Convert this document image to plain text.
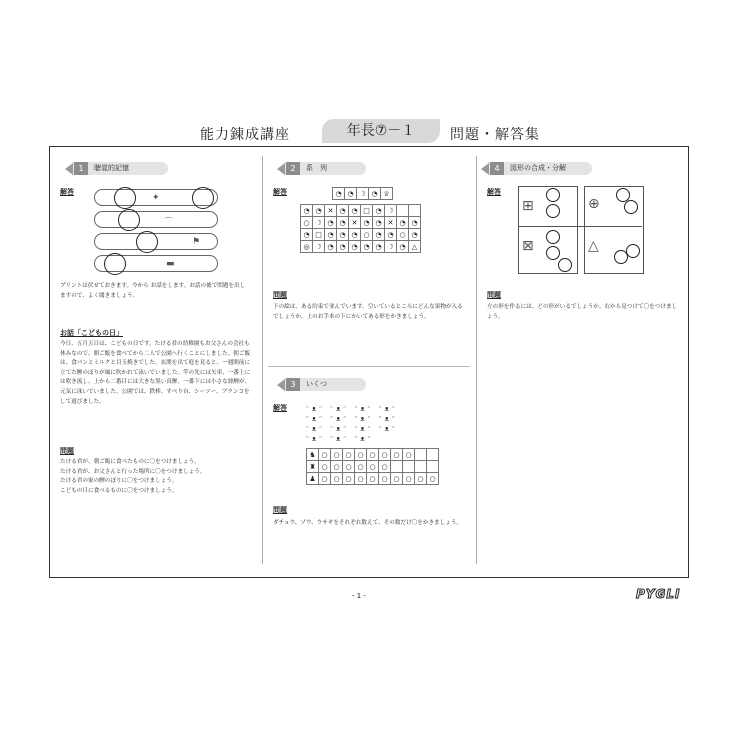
能力錬成講座	年長⑦－１	問題・解答集
1	聴覚的記憶
解答
✦
⌒
⚑
▬
プリントは伏せておきます。今から お話をします。お話の後で問題を出しますので、よく聞きましょう。
お話「こどもの日」
今日、五月五日は、こどもの日です。たける君の幼稚園もお父さんの会社も休みなので、朝ご飯を食べてから二人で公園へ行くことにしました。朝ご飯は、食パンとミルクと目玉焼きでした。玄関を出て庭を見ると、一週間前に立てた鯉のぼりが風に吹かれて泳いでいました。竿の先には矢車、一番上には吹き流し、上から二番目には大きな黒い真鯉、一番下には小さな緋鯉が、元気に泳いでいました。公園では、鉄棒、すべり台、シーソー、ブランコをして遊びました。
問題
たける君が、朝ご飯に食べたものに〇をつけましょう。
たける君が、お父さんと行った場所に〇をつけましょう。
たける君の家の鯉のぼりに〇をつけましょう。
こどもの日に食べるものに〇をつけましょう。
2	系　列
解答	◔	◔	☽	◔	♕
◔	◔	✕	◔	◔	□	◔	☽		
○	☽	◔	◔	✕	◔	◔	✕	◔	◔
◔	□	◔	◔	◔	○	◔	◔	○	◔
◎	☽	◔	◔	◔	◔	◔	☽	◔	△
問題
下の絵は、ある約束で並んでいます。空いているところにどんな果物が入るでしょうか。上のお手本の下にかいてある形をかきましょう。
3	いくつ
解答	ᵔᴥᵔ ᵔᴥᵔ ᵔᴥᵔ ᵔᴥᵔ
ᵔᴥᵔ ᵔᴥᵔ ᵔᴥᵔ ᵔᴥᵔ
ᵔᴥᵔ ᵔᴥᵔ ᵔᴥᵔ ᵔᴥᵔ
ᵔᴥᵔ ᵔᴥᵔ ᵔᴥᵔ
♞	○	○	○	○	○	○	○	○		
♜	○	○	○	○	○	○				
♟	○	○	○	○	○	○	○	○	○	○
問題
ダチョウ、ゾウ、ウサギをそれぞれ数えて、その数だけ〇をかきましょう。
4	図形の合成・分解
解答
⊞
⊠
⊕
△
問題
左の形を作るには、どの形がいるでしょうか。右から見つけて〇をつけましょう。
- 1 -	PYGLI
